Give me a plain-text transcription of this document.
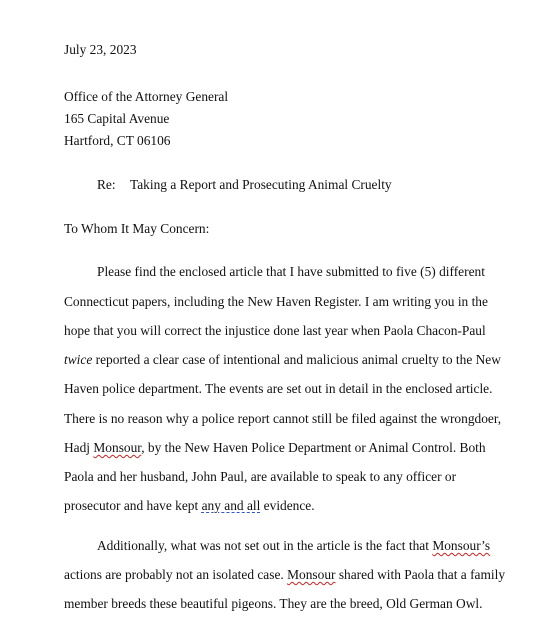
July 23, 2023
Office of the Attorney General
165 Capital Avenue
Hartford, CT 06106
Re: Taking a Report and Prosecuting Animal Cruelty
To Whom It May Concern:
Please find the enclosed article that I have submitted to five (5) different
Connecticut papers, including the New Haven Register. I am writing you in the
hope that you will correct the injustice done last year when Paola Chacon-Paul
twice reported a clear case of intentional and malicious animal cruelty to the New
Haven police department. The events are set out in detail in the enclosed article.
There is no reason why a police report cannot still be filed against the wrongdoer,
Hadj Monsour, by the New Haven Police Department or Animal Control. Both
Paola and her husband, John Paul, are available to speak to any officer or
prosecutor and have kept any and all evidence.
Additionally, what was not set out in the article is the fact that Monsour’s
actions are probably not an isolated case. Monsour shared with Paola that a family
member breeds these beautiful pigeons. They are the breed, Old German Owl.
